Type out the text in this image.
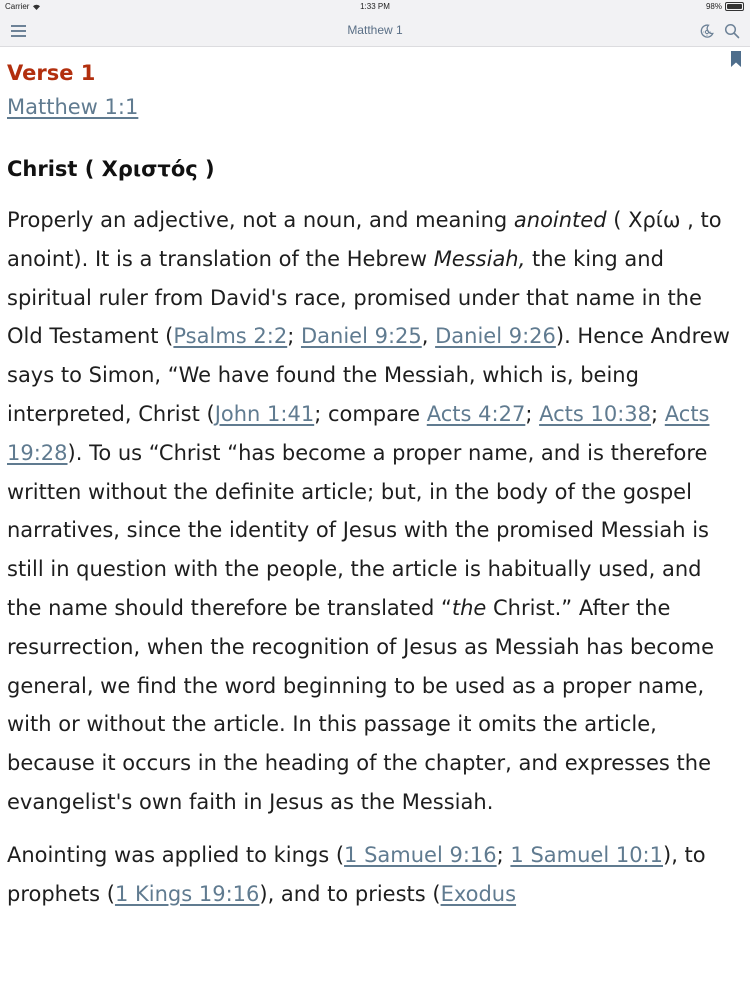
Carrier	1:33 PM	98%
Matthew 1
Verse 1
Matthew 1:1
Christ ( Χριστός )

Properly an adjective, not a noun, and meaning anointed ( Χρίω , to anoint). It is a translation of the Hebrew Messiah, the king and spiritual ruler from David's race, promised under that name in the Old Testament (Psalms 2:2; Daniel 9:25, Daniel 9:26). Hence Andrew says to Simon, “We have found the Messiah, which is, being interpreted, Christ (John 1:41; compare Acts 4:27; Acts 10:38; Acts 19:28). To us “Christ “has become a proper name, and is therefore written without the definite article; but, in the body of the gospel narratives, since the identity of Jesus with the promised Messiah is still in question with the people, the article is habitually used, and the name should therefore be translated “the Christ.” After the resurrection, when the recognition of Jesus as Messiah has become general, we find the word beginning to be used as a proper name, with or without the article. In this passage it omits the article, because it occurs in the heading of the chapter, and expresses the evangelist's own faith in Jesus as the Messiah.

Anointing was applied to kings (1 Samuel 9:16; 1 Samuel 10:1), to prophets (1 Kings 19:16), and to priests (Exodus
